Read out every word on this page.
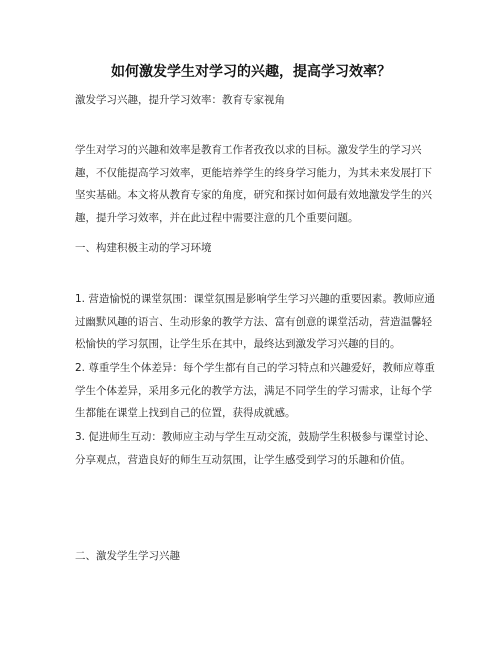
如何激发学生对学习的兴趣，提高学习效率？
激发学习兴趣，提升学习效率：教育专家视角
学生对学习的兴趣和效率是教育工作者孜孜以求的目标。激发学生的学习兴趣，不仅能提高学习效率，更能培养学生的终身学习能力，为其未来发展打下坚实基础。本文将从教育专家的角度，研究和探讨如何最有效地激发学生的兴趣，提升学习效率，并在此过程中需要注意的几个重要问题。
一、构建积极主动的学习环境
1. 营造愉悦的课堂氛围：课堂氛围是影响学生学习兴趣的重要因素。教师应通过幽默风趣的语言、生动形象的教学方法、富有创意的课堂活动，营造温馨轻松愉快的学习氛围，让学生乐在其中，最终达到激发学习兴趣的目的。
2. 尊重学生个体差异：每个学生都有自己的学习特点和兴趣爱好，教师应尊重学生个体差异，采用多元化的教学方法，满足不同学生的学习需求，让每个学生都能在课堂上找到自己的位置，获得成就感。
3. 促进师生互动：教师应主动与学生互动交流，鼓励学生积极参与课堂讨论、分享观点，营造良好的师生互动氛围，让学生感受到学习的乐趣和价值。
二、激发学生学习兴趣
